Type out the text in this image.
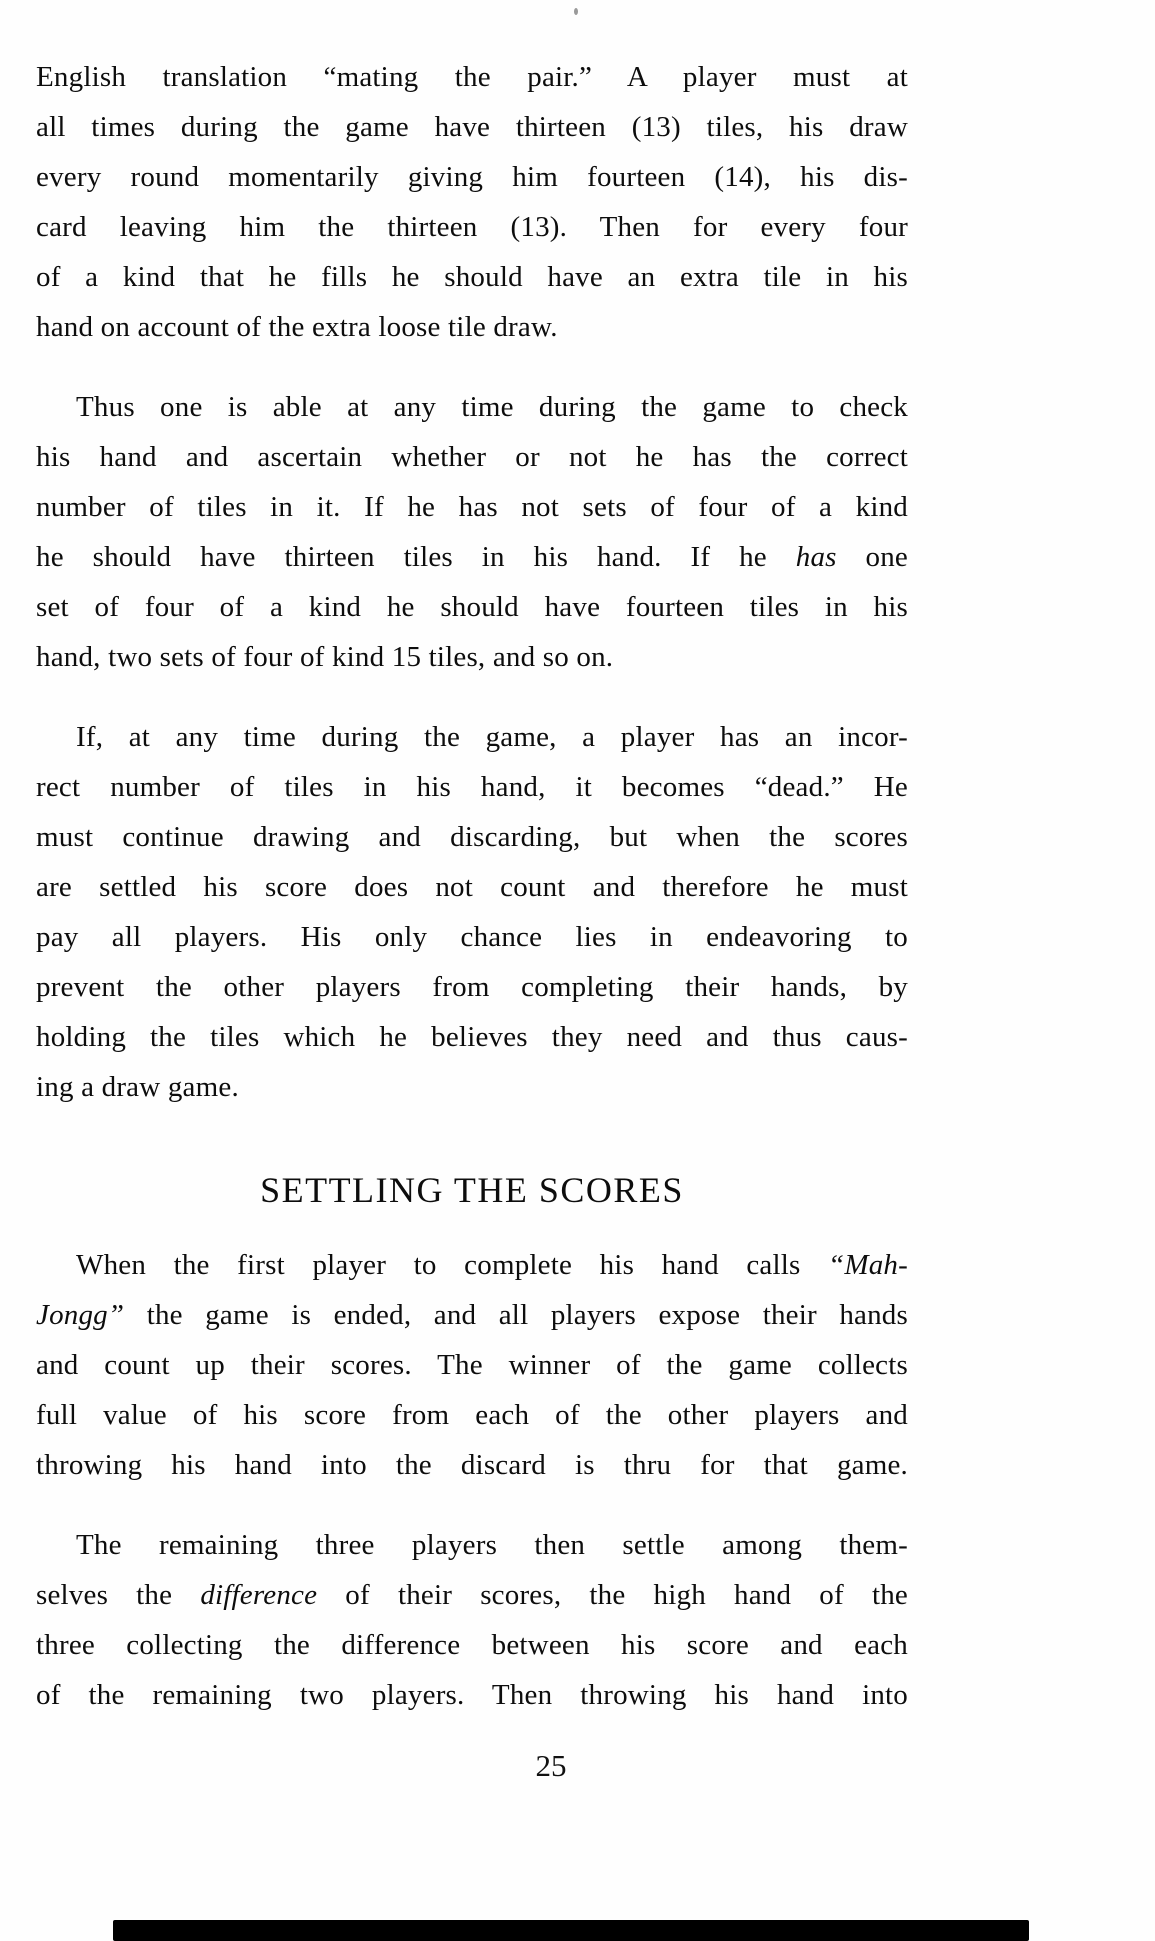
English translation “mating the pair.” A player must at
all times during the game have thirteen (13) tiles, his draw
every round momentarily giving him fourteen (14), his dis-
card leaving him the thirteen (13). Then for every four
of a kind that he fills he should have an extra tile in his
hand on account of the extra loose tile draw.

Thus one is able at any time during the game to check
his hand and ascertain whether or not he has the correct
number of tiles in it. If he has not sets of four of a kind
he should have thirteen tiles in his hand. If he has one
set of four of a kind he should have fourteen tiles in his
hand, two sets of four of kind 15 tiles, and so on.

If, at any time during the game, a player has an incor-
rect number of tiles in his hand, it becomes “dead.” He
must continue drawing and discarding, but when the scores
are settled his score does not count and therefore he must
pay all players. His only chance lies in endeavoring to
prevent the other players from completing their hands, by
holding the tiles which he believes they need and thus caus-
ing a draw game.

SETTLING THE SCORES

When the first player to complete his hand calls “Mah-
Jongg” the game is ended, and all players expose their hands
and count up their scores. The winner of the game collects
full value of his score from each of the other players and
throwing his hand into the discard is thru for that game.

The remaining three players then settle among them-
selves the difference of their scores, the high hand of the
three collecting the difference between his score and each
of the remaining two players. Then throwing his hand into

25
